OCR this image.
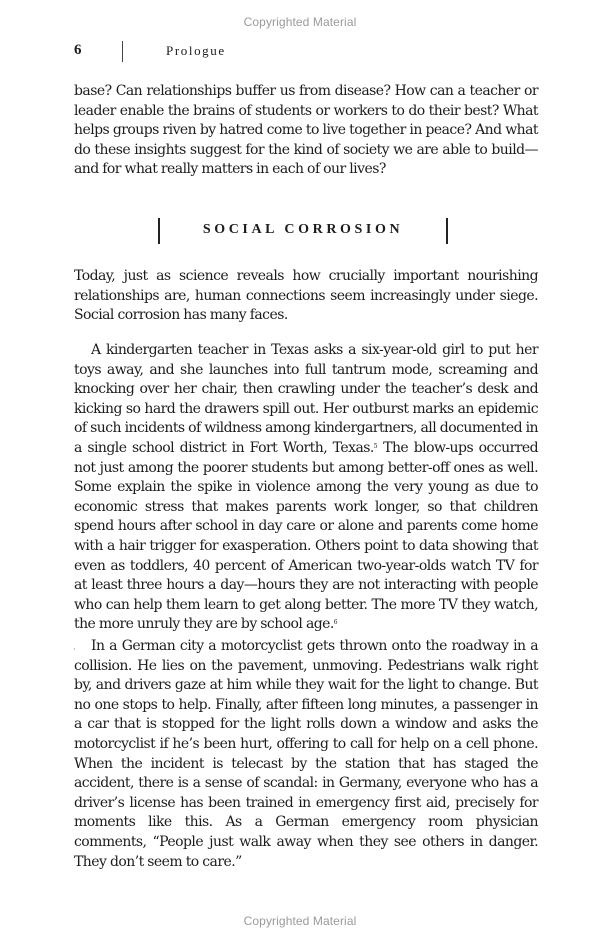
Copyrighted Material
6	Prologue

base? Can relationships buffer us from disease? How can a teacher or leader enable the brains of students or workers to do their best? What helps groups riven by hatred come to live together in peace? And what do these insights suggest for the kind of society we are able to build—and for what really matters in each of our lives?

SOCIAL CORROSION

Today, just as science reveals how crucially important nourishing relationships are, human connections seem increasingly under siege. Social corrosion has many faces.

A kindergarten teacher in Texas asks a six-year-old girl to put her toys away, and she launches into full tantrum mode, screaming and knocking over her chair, then crawling under the teacher’s desk and kicking so hard the drawers spill out. Her outburst marks an epidemic of such incidents of wildness among kindergartners, all documented in a single school district in Fort Worth, Texas.$^5$ The blow-ups occurred not just among the poorer students but among better-off ones as well. Some explain the spike in violence among the very young as due to economic stress that makes parents work longer, so that children spend hours after school in day care or alone and parents come home with a hair trigger for exasperation. Others point to data showing that even as toddlers, 40 percent of American two-year-olds watch TV for at least three hours a day—hours they are not interacting with people who can help them learn to get along better. The more TV they watch, the more unruly they are by school age.$^6$

·	In a German city a motorcyclist gets thrown onto the roadway in a collision. He lies on the pavement, unmoving. Pedestrians walk right by, and drivers gaze at him while they wait for the light to change. But no one stops to help. Finally, after fifteen long minutes, a passenger in a car that is stopped for the light rolls down a window and asks the motorcyclist if he’s been hurt, offering to call for help on a cell phone. When the incident is telecast by the station that has staged the accident, there is a sense of scandal: in Germany, everyone who has a driver’s license has been trained in emergency first aid, precisely for moments like this. As a German emergency room physician comments, “People just walk away when they see others in danger. They don’t seem to care.”

Copyrighted Material
